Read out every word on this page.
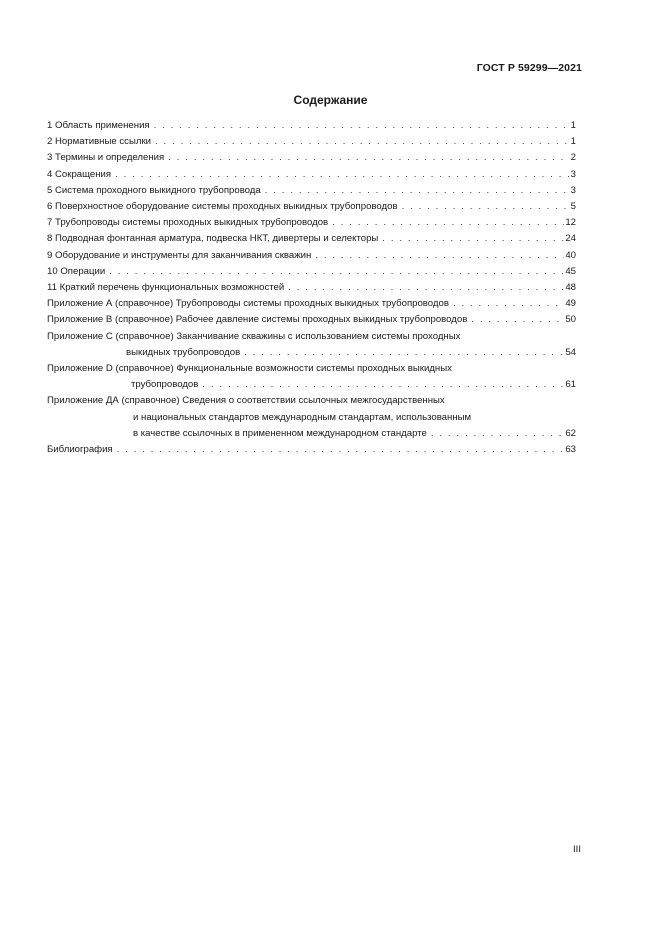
ГОСТ Р 59299—2021
Содержание
1 Область применения . . .	1
2 Нормативные ссылки . . .	1
3 Термины и определения . . .	2
4 Сокращения . . .	3
5 Система проходного выкидного трубопровода . . .	3
6 Поверхностное оборудование системы проходных выкидных трубопроводов . . .	5
7 Трубопроводы системы проходных выкидных трубопроводов . . .	12
8 Подводная фонтанная арматура, подвеска НКТ, дивертеры и селекторы . . .	24
9 Оборудование и инструменты для заканчивания скважин . . .	40
10 Операции . . .	45
11 Краткий перечень функциональных возможностей . . .	48
Приложение А (справочное) Трубопроводы системы проходных выкидных трубопроводов . . .	49
Приложение В (справочное) Рабочее давление системы проходных выкидных трубопроводов . . .	50
Приложение С (справочное) Заканчивание скважины с использованием системы проходных
выкидных трубопроводов . . .	54
Приложение D (справочное) Функциональные возможности системы проходных выкидных
трубопроводов . . .	61
Приложение ДА (справочное) Сведения о соответствии ссылочных межгосударственных
и национальных стандартов международным стандартам, использованным
в качестве ссылочных в примененном международном стандарте . . .	62
Библиография . . .	63
III
